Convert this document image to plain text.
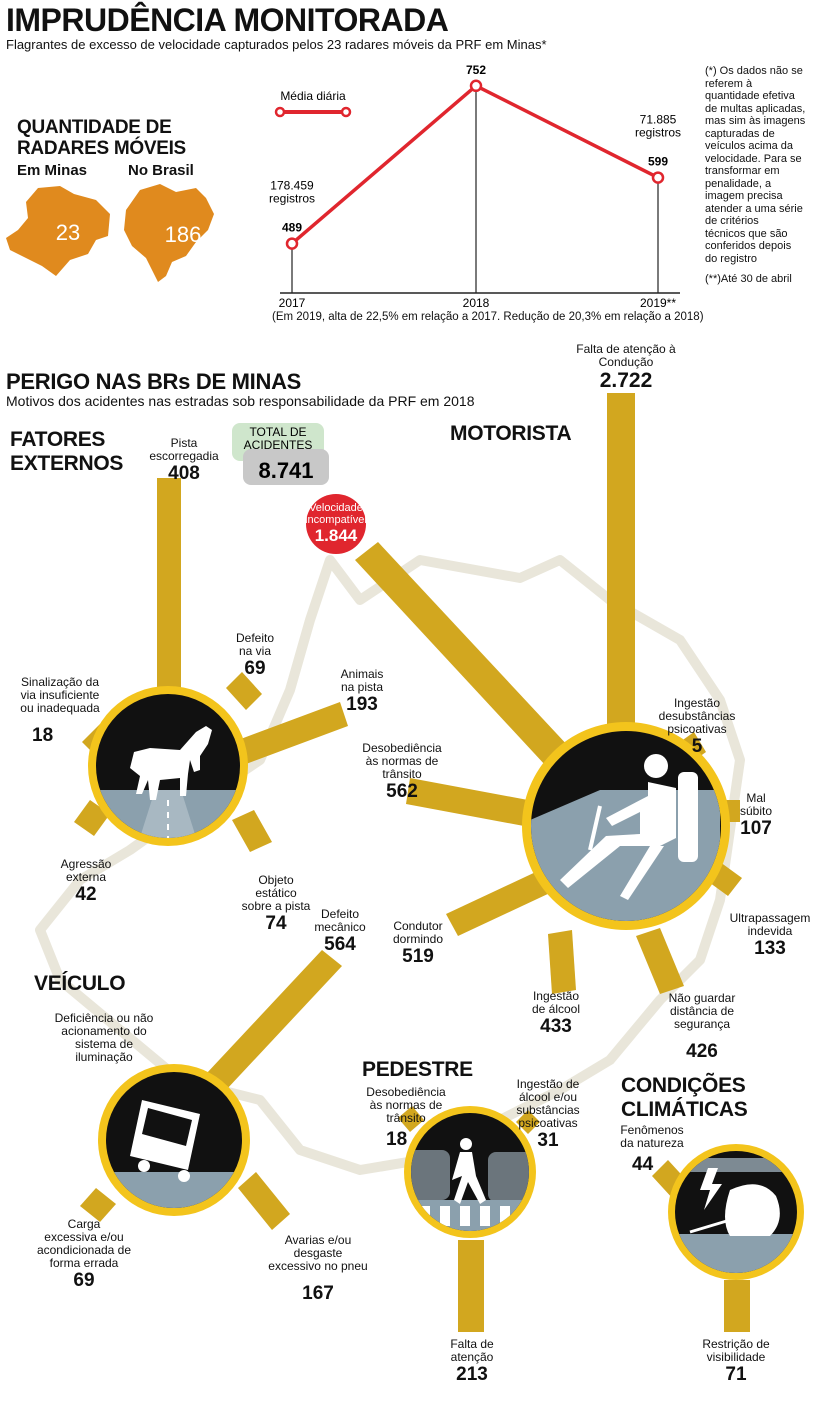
IMPRUDÊNCIA MONITORADA
Flagrantes de excesso de velocidade capturados pelos 23 radares móveis da PRF em Minas*
QUANTIDADE DE
RADARES MÓVEIS
Em Minas	No Brasil
23	186
Média diária
489
178.459
registros
2017
752
2018
599
71.885
registros
2019**
(Em 2019, alta de 22,5% em relação a 2017. Redução de 20,3% em relação a 2018)
(*) Os dados não se
referem à
quantidade efetiva
de multas aplicadas,
mas sim às imagens
capturadas de
veículos acima da
velocidade. Para se
transformar em
penalidade, a
imagem precisa
atender a uma série
de critérios
técnicos que são
conferidos depois
do registro
(**)Até 30 de abril
PERIGO NAS BRs DE MINAS
Motivos dos acidentes nas estradas sob responsabilidade da PRF em 2018
TOTAL DE
ACIDENTES
8.741
FATORES
EXTERNOS
MOTORISTA
VEÍCULO
PEDESTRE
CONDIÇÕES
CLIMÁTICAS
Pista
escorregadia
408
Defeito
na via
69	Animais
na pista
193
Sinalização da
via insuficiente
ou inadequada
18
Agressão
externa
42
Objeto
estático
sobre a pista
74
Falta de atenção à
Condução
2.722
Velocidade
incompatível
1.844
Ingestão
desubstâncias
psicoativas
5
Mal
súbito
107
Desobediência
às normas de
trânsito
562
Ultrapassagem
indevida
133
Condutor
dormindo
519
Ingestão
de álcool
433
Não guardar
distância de
segurança
426
Defeito
mecânico
564
Deficiência ou não
acionamento do
sistema de
iluminação
Carga
excessiva e/ou
acondicionada de
forma errada
69
Avarias e/ou
desgaste
excessivo no pneu
167
Desobediência
às normas de
trânsito
18
Ingestão de
álcool e/ou
substâncias
psicoativas
31
Falta de
atenção
213
Fenômenos
da natureza
44
Restrição de
visibilidade
71
